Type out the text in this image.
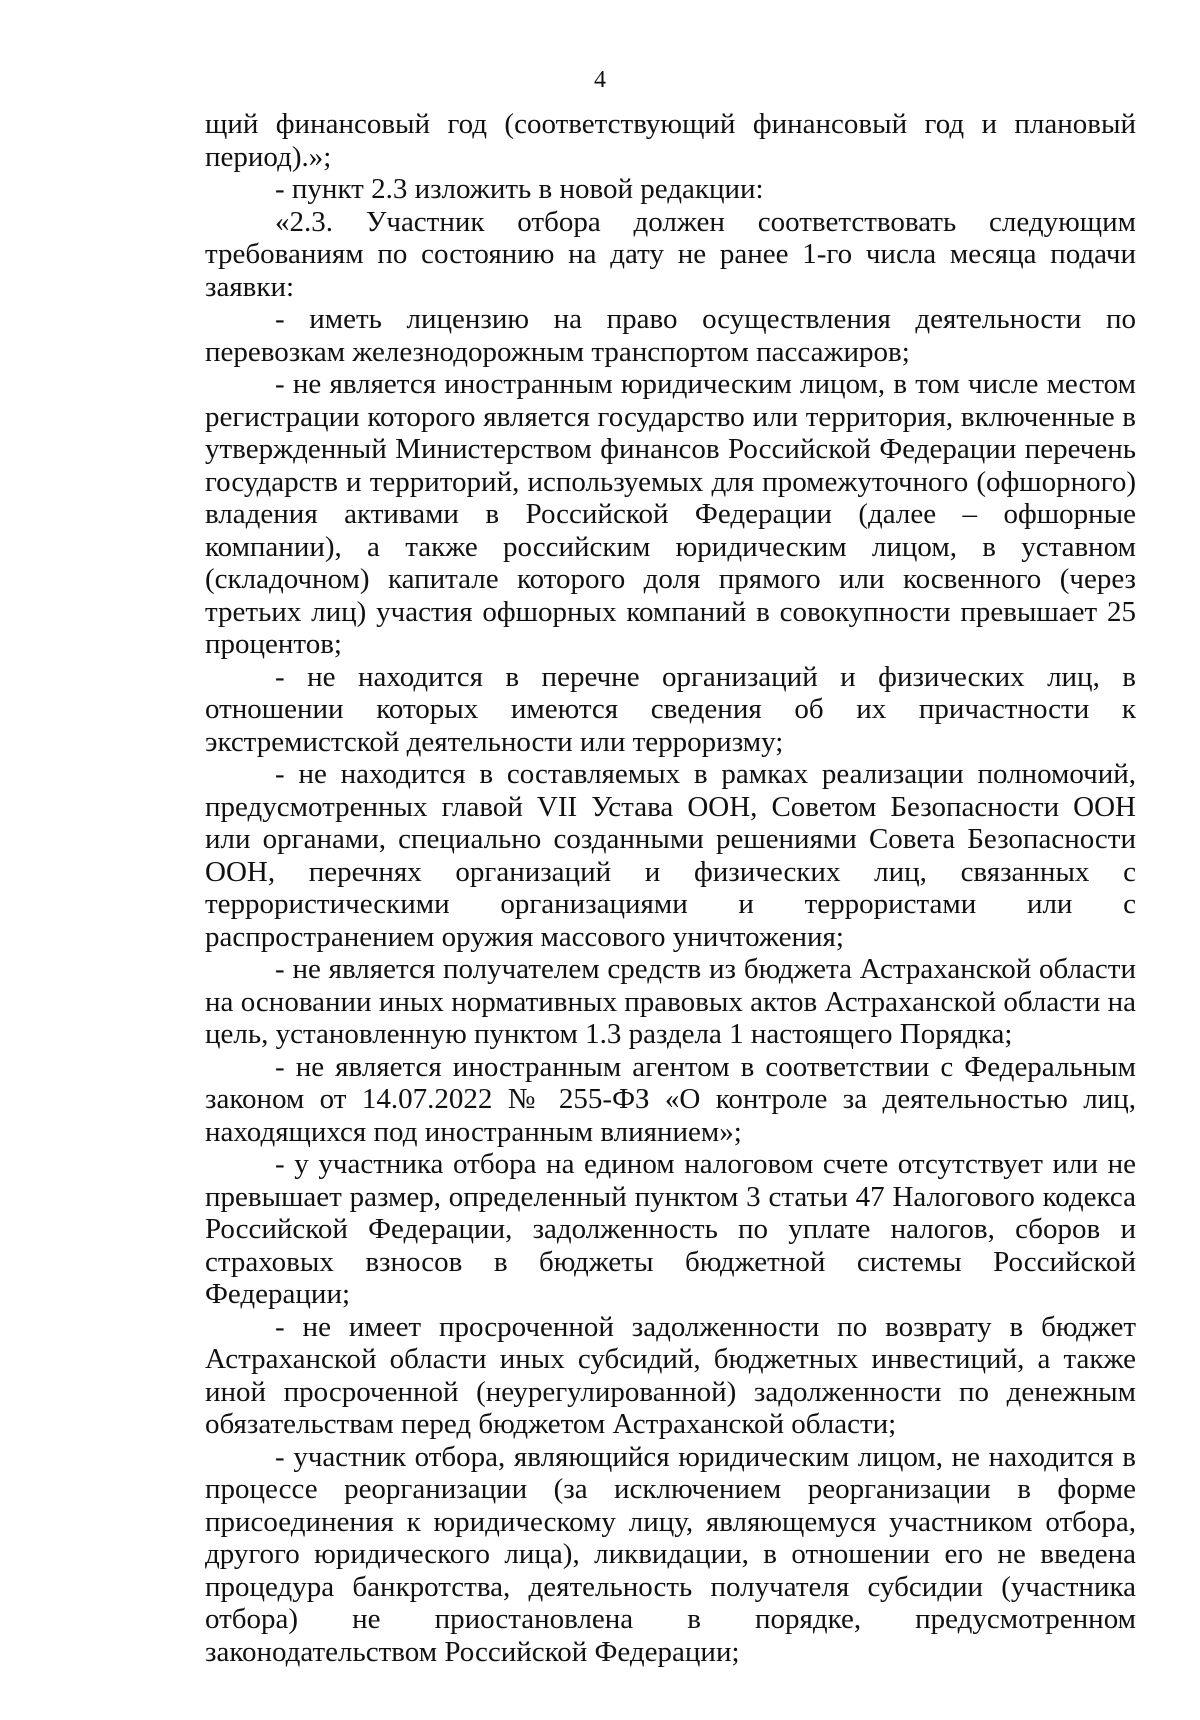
4

щий финансовый год (соответствующий финансовый год и плановый период).»;

- пункт 2.3 изложить в новой редакции:

«2.3. Участник отбора должен соответствовать следующим требованиям по состоянию на дату не ранее 1-го числа месяца подачи заявки:

- иметь лицензию на право осуществления деятельности по перевозкам железнодорожным транспортом пассажиров;

- не является иностранным юридическим лицом, в том числе местом регистрации которого является государство или территория, включенные в утвержденный Министерством финансов Российской Федерации перечень государств и территорий, используемых для промежуточного (офшорного) владения активами в Российской Федерации (далее – офшорные компании), а также российским юридическим лицом, в уставном (складочном) капитале которого доля прямого или косвенного (через третьих лиц) участия офшорных компаний в совокупности превышает 25 процентов;

- не находится в перечне организаций и физических лиц, в отношении которых имеются сведения об их причастности к экстремистской деятельности или терроризму;

- не находится в составляемых в рамках реализации полномочий, предусмотренных главой VII Устава ООН, Советом Безопасности ООН или органами, специально созданными решениями Совета Безопасности ООН, перечнях организаций и физических лиц, связанных с террористическими организациями и террористами или с распространением оружия массового уничтожения;

- не является получателем средств из бюджета Астраханской области на основании иных нормативных правовых актов Астраханской области на цель, установленную пунктом 1.3 раздела 1 настоящего Порядка;

- не является иностранным агентом в соответствии с Федеральным законом от 14.07.2022 № 255-ФЗ «О контроле за деятельностью лиц, находящихся под иностранным влиянием»;

- у участника отбора на едином налоговом счете отсутствует или не превышает размер, определенный пунктом 3 статьи 47 Налогового кодекса Российской Федерации, задолженность по уплате налогов, сборов и страховых взносов в бюджеты бюджетной системы Российской Федерации;

- не имеет просроченной задолженности по возврату в бюджет Астраханской области иных субсидий, бюджетных инвестиций, а также иной просроченной (неурегулированной) задолженности по денежным обязательствам перед бюджетом Астраханской области;

- участник отбора, являющийся юридическим лицом, не находится в процессе реорганизации (за исключением реорганизации в форме присоединения к юридическому лицу, являющемуся участником отбора, другого юридического лица), ликвидации, в отношении его не введена процедура банкротства, деятельность получателя субсидии (участника отбора) не приостановлена в порядке, предусмотренном законодательством Российской Федерации;
